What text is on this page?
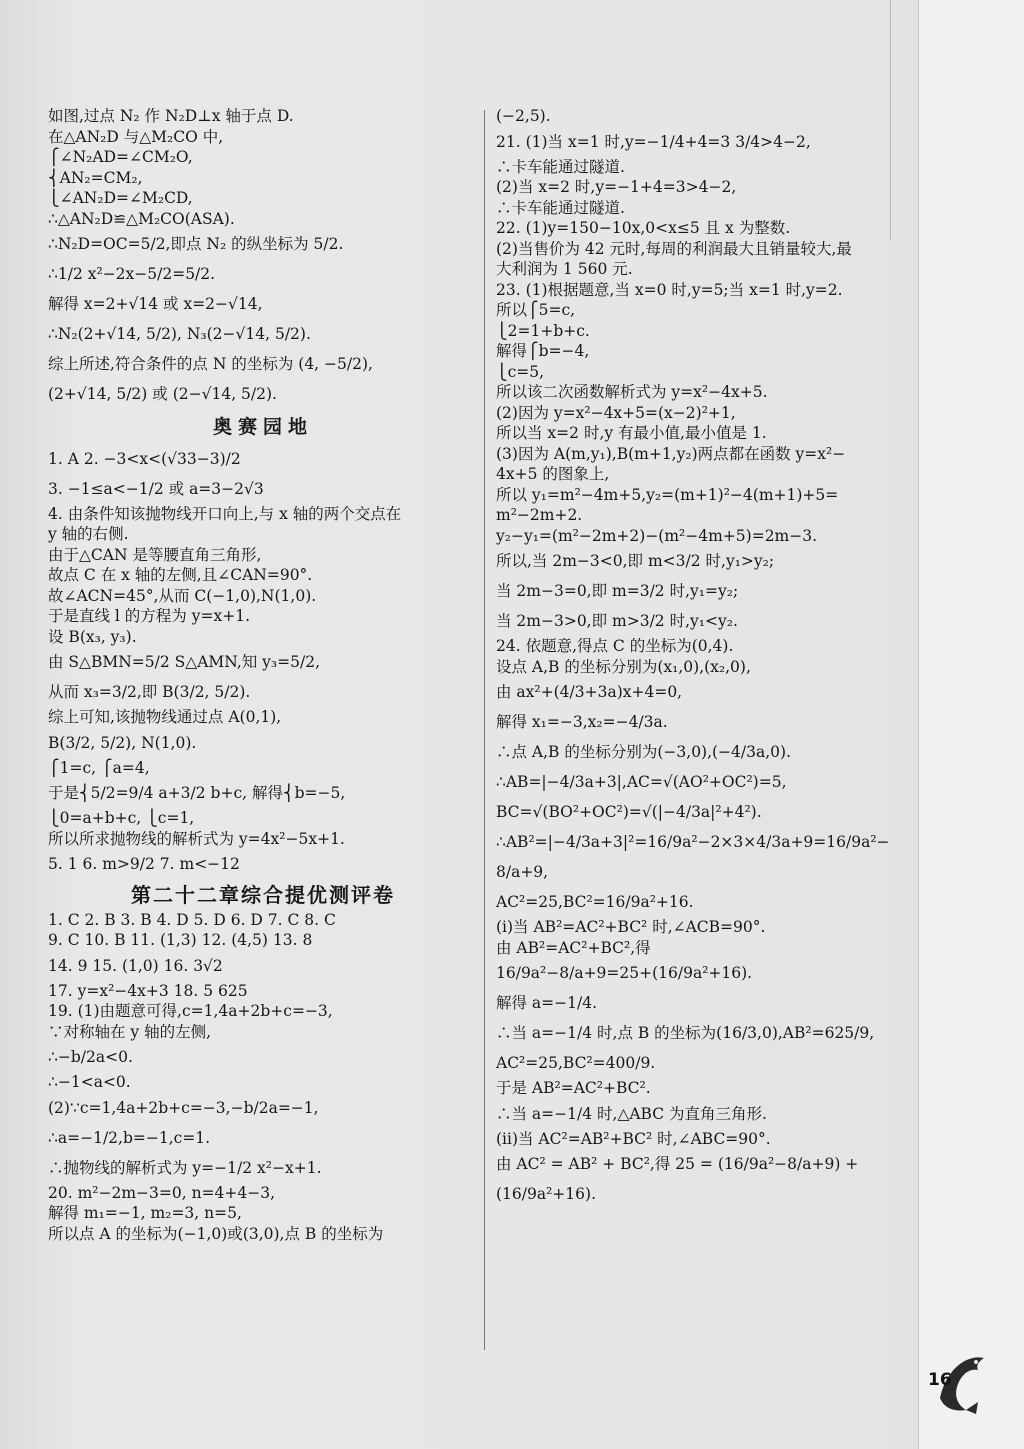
如图,过点 N₂ 作 N₂D⊥x 轴于点 D.
在△AN₂D 与△M₂CO 中,
⎧∠N₂AD=∠CM₂O,
⎨AN₂=CM₂,
⎩∠AN₂D=∠M₂CD,
∴△AN₂D≌△M₂CO(ASA).
∴N₂D=OC=5/2,即点 N₂ 的纵坐标为 5/2.
∴1/2 x²−2x−5/2=5/2.
解得 x=2+√14 或 x=2−√14,
∴N₂(2+√14, 5/2), N₃(2−√14, 5/2).
综上所述,符合条件的点 N 的坐标为 (4, −5/2),
(2+√14, 5/2) 或 (2−√14, 5/2).
奥赛园地
1. A 2. −3<x<(√33−3)/2
3. −1≤a<−1/2 或 a=3−2√3
4. 由条件知该抛物线开口向上,与 x 轴的两个交点在
y 轴的右侧.
由于△CAN 是等腰直角三角形,
故点 C 在 x 轴的左侧,且∠CAN=90°.
故∠ACN=45°,从而 C(−1,0),N(1,0).
于是直线 l 的方程为 y=x+1.
设 B(x₃, y₃).
由 S△BMN=5/2 S△AMN,知 y₃=5/2,
从而 x₃=3/2,即 B(3/2, 5/2).
综上可知,该抛物线通过点 A(0,1),
B(3/2, 5/2), N(1,0).
⎧1=c, ⎧a=4,
于是⎨5/2=9/4 a+3/2 b+c, 解得⎨b=−5,
⎩0=a+b+c, ⎩c=1,
所以所求抛物线的解析式为 y=4x²−5x+1.
5. 1 6. m>9/2 7. m<−12
第二十二章综合提优测评卷
1. C 2. B 3. B 4. D 5. D 6. D 7. C 8. C
9. C 10. B 11. (1,3) 12. (4,5) 13. 8
14. 9 15. (1,0) 16. 3√2
17. y=x²−4x+3 18. 5 625
19. (1)由题意可得,c=1,4a+2b+c=−3,
∵对称轴在 y 轴的左侧,
∴−b/2a<0.
∴−1<a<0.
(2)∵c=1,4a+2b+c=−3,−b/2a=−1,
∴a=−1/2,b=−1,c=1.
∴抛物线的解析式为 y=−1/2 x²−x+1.
20. m²−2m−3=0, n=4+4−3,
解得 m₁=−1, m₂=3, n=5,
所以点 A 的坐标为(−1,0)或(3,0),点 B 的坐标为
(−2,5).
21. (1)当 x=1 时,y=−1/4+4=3 3/4>4−2,
∴卡车能通过隧道.
(2)当 x=2 时,y=−1+4=3>4−2,
∴卡车能通过隧道.
22. (1)y=150−10x,0<x≤5 且 x 为整数.
(2)当售价为 42 元时,每周的利润最大且销量较大,最
大利润为 1 560 元.
23. (1)根据题意,当 x=0 时,y=5;当 x=1 时,y=2.
所以⎧5=c,
⎩2=1+b+c.
解得⎧b=−4,
⎩c=5,
所以该二次函数解析式为 y=x²−4x+5.
(2)因为 y=x²−4x+5=(x−2)²+1,
所以当 x=2 时,y 有最小值,最小值是 1.
(3)因为 A(m,y₁),B(m+1,y₂)两点都在函数 y=x²−
4x+5 的图象上,
所以 y₁=m²−4m+5,y₂=(m+1)²−4(m+1)+5=
m²−2m+2.
y₂−y₁=(m²−2m+2)−(m²−4m+5)=2m−3.
所以,当 2m−3<0,即 m<3/2 时,y₁>y₂;
当 2m−3=0,即 m=3/2 时,y₁=y₂;
当 2m−3>0,即 m>3/2 时,y₁<y₂.
24. 依题意,得点 C 的坐标为(0,4).
设点 A,B 的坐标分别为(x₁,0),(x₂,0),
由 ax²+(4/3+3a)x+4=0,
解得 x₁=−3,x₂=−4/3a.
∴点 A,B 的坐标分别为(−3,0),(−4/3a,0).
∴AB=|−4/3a+3|,AC=√(AO²+OC²)=5,
BC=√(BO²+OC²)=√(|−4/3a|²+4²).
∴AB²=|−4/3a+3|²=16/9a²−2×3×4/3a+9=16/9a²−
8/a+9,
AC²=25,BC²=16/9a²+16.
(ⅰ)当 AB²=AC²+BC² 时,∠ACB=90°.
由 AB²=AC²+BC²,得
16/9a²−8/a+9=25+(16/9a²+16).
解得 a=−1/4.
∴当 a=−1/4 时,点 B 的坐标为(16/3,0),AB²=625/9,
AC²=25,BC²=400/9.
于是 AB²=AC²+BC².
∴当 a=−1/4 时,△ABC 为直角三角形.
(ⅱ)当 AC²=AB²+BC² 时,∠ABC=90°.
由 AC² = AB² + BC²,得 25 = (16/9a²−8/a+9) +
(16/9a²+16).
16
